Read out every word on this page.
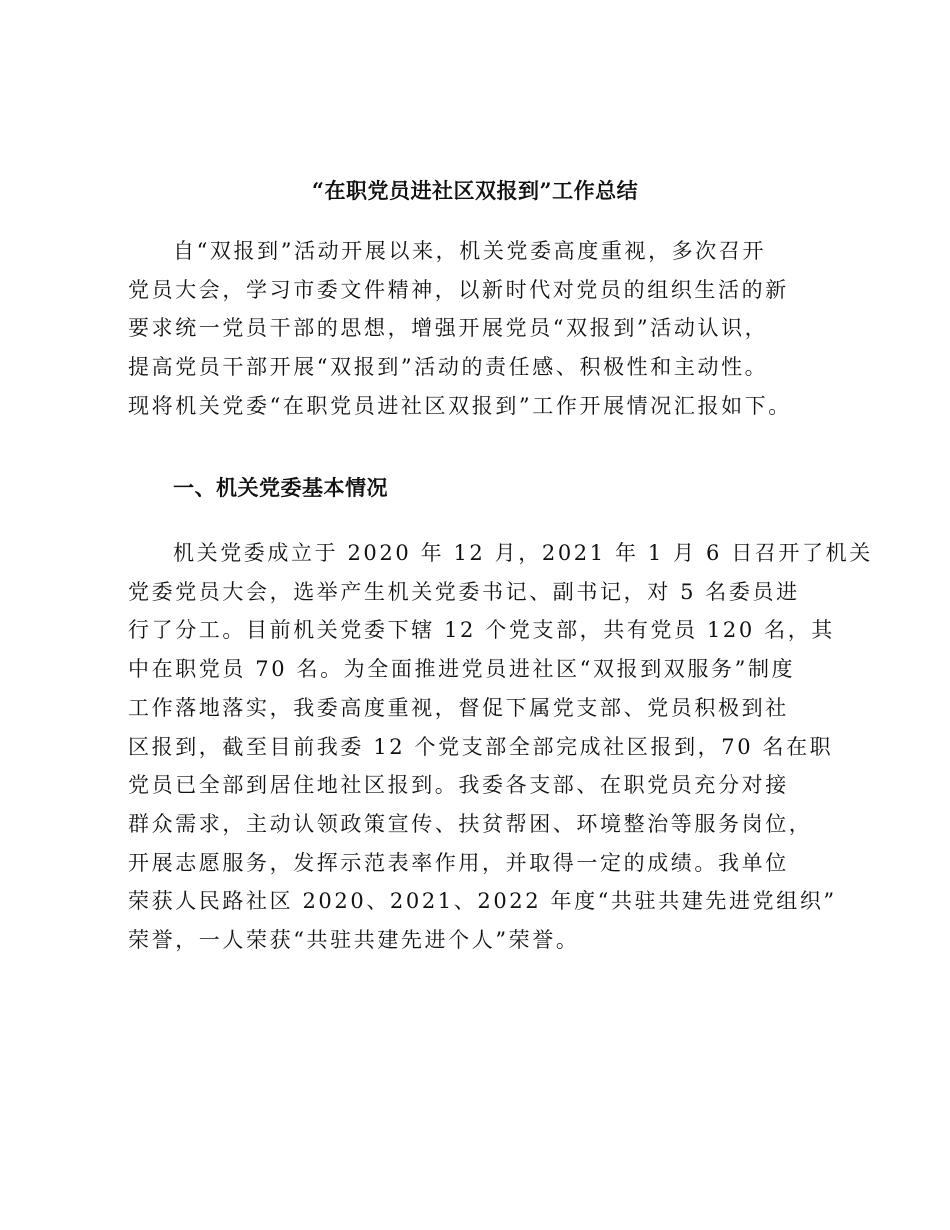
“在职党员进社区双报到”工作总结
自“双报到”活动开展以来，机关党委高度重视，多次召开
党员大会，学习市委文件精神，以新时代对党员的组织生活的新
要求统一党员干部的思想，增强开展党员“双报到”活动认识，
提高党员干部开展“双报到”活动的责任感、积极性和主动性。
现将机关党委“在职党员进社区双报到”工作开展情况汇报如下。
一、机关党委基本情况
机关党委成立于 2020 年 12 月，2021 年 1 月 6 日召开了机关
党委党员大会，选举产生机关党委书记、副书记，对 5 名委员进
行了分工。目前机关党委下辖 12 个党支部，共有党员 120 名，其
中在职党员 70 名。为全面推进党员进社区“双报到双服务”制度
工作落地落实，我委高度重视，督促下属党支部、党员积极到社
区报到，截至目前我委 12 个党支部全部完成社区报到，70 名在职
党员已全部到居住地社区报到。我委各支部、在职党员充分对接
群众需求，主动认领政策宣传、扶贫帮困、环境整治等服务岗位，
开展志愿服务，发挥示范表率作用，并取得一定的成绩。我单位
荣获人民路社区 2020、2021、2022 年度“共驻共建先进党组织”
荣誉，一人荣获“共驻共建先进个人”荣誉。
